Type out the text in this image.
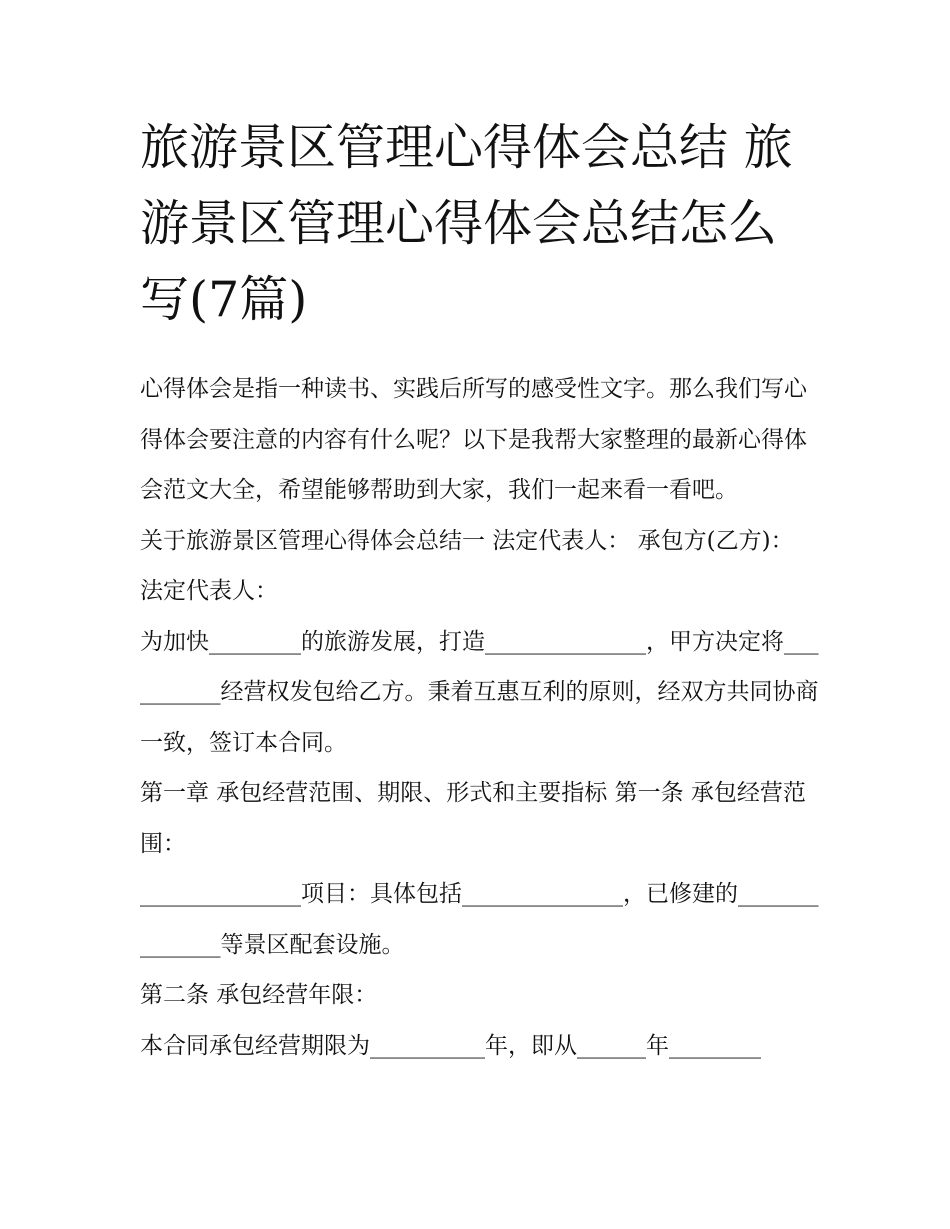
旅游景区管理心得体会总结 旅游景区管理心得体会总结怎么写(7篇)

心得体会是指一种读书、实践后所写的感受性文字。那么我们写心得体会要注意的内容有什么呢？以下是我帮大家整理的最新心得体会范文大全，希望能够帮助到大家，我们一起来看一看吧。

关于旅游景区管理心得体会总结一 法定代表人： 承包方(乙方)： 法定代表人：

为加快________的旅游发展，打造______________，甲方决定将__________经营权发包给乙方。秉着互惠互利的原则，经双方共同协商一致，签订本合同。

第一章 承包经营范围、期限、形式和主要指标 第一条 承包经营范围：

______________项目：具体包括______________，已修建的______________等景区配套设施。

第二条 承包经营年限：

本合同承包经营期限为__________年，即从______年________
